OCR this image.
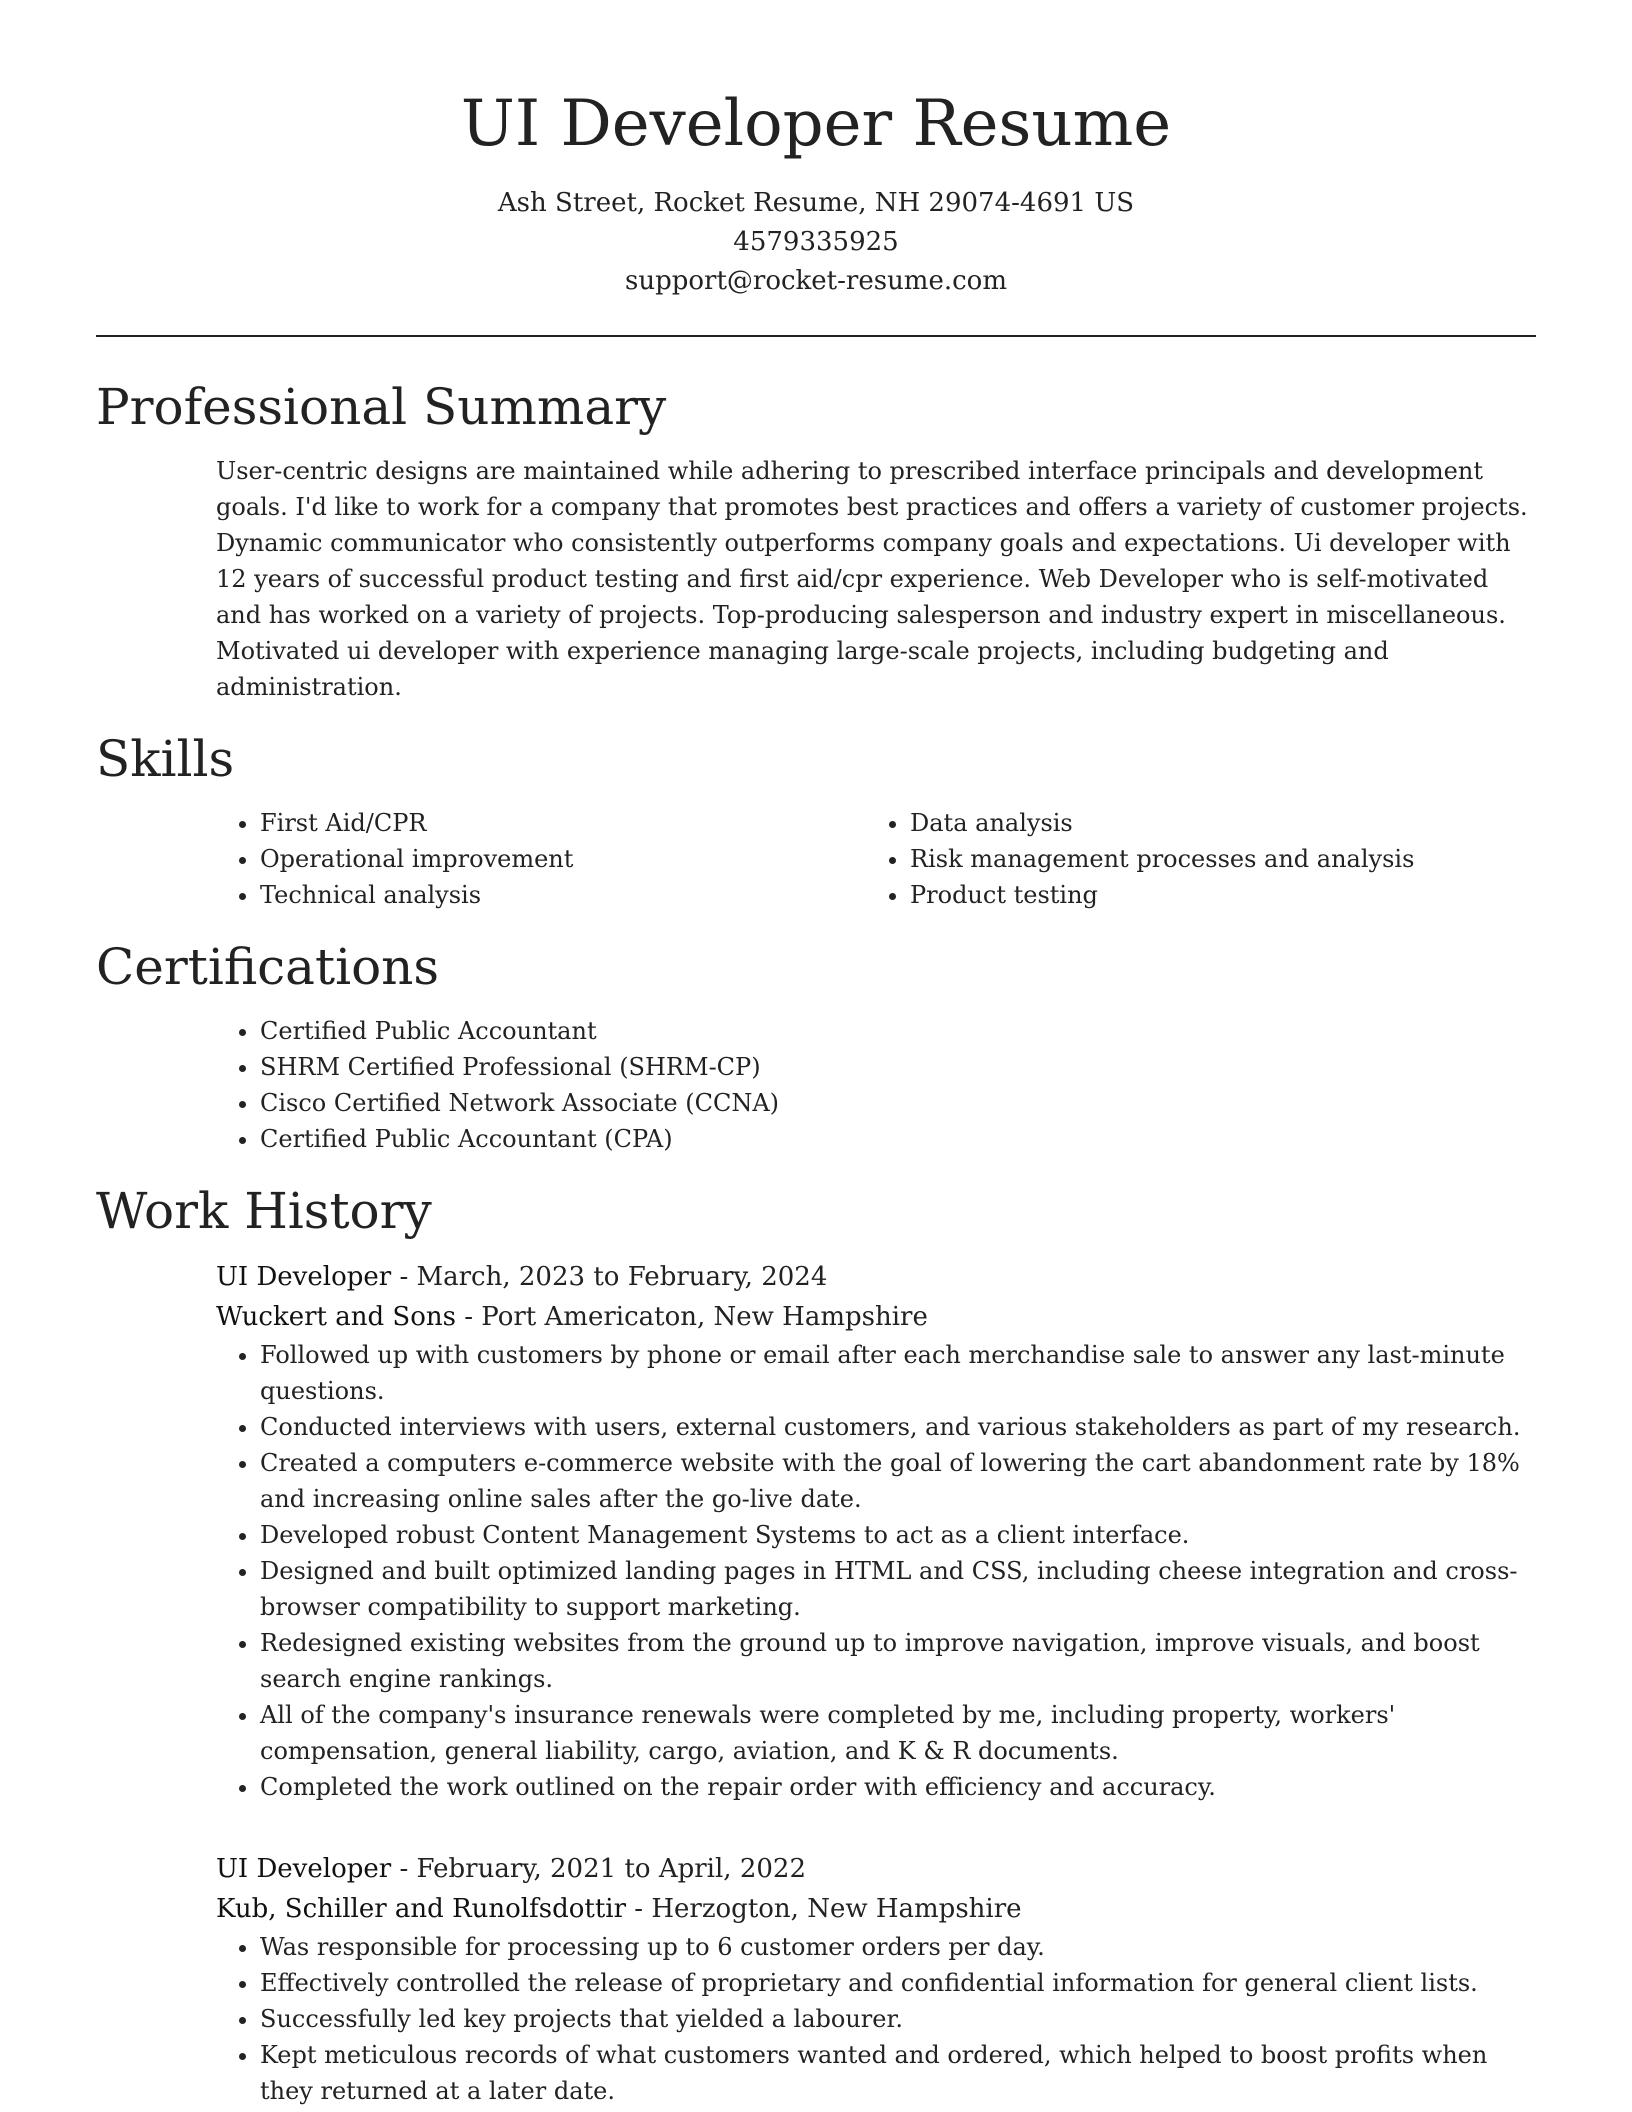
UI Developer Resume
Ash Street, Rocket Resume, NH 29074-4691 US
4579335925
support@rocket-resume.com
Professional Summary

User-centric designs are maintained while adhering to prescribed interface principals and development goals. I'd like to work for a company that promotes best practices and offers a variety of customer projects. Dynamic communicator who consistently outperforms company goals and expectations. Ui developer with 12 years of successful product testing and first aid/cpr experience. Web Developer who is self-motivated and has worked on a variety of projects. Top-producing salesperson and industry expert in miscellaneous. Motivated ui developer with experience managing large-scale projects, including budgeting and administration.

Skills
• First Aid/CPR
• Operational improvement
• Technical analysis
• Data analysis
• Risk management processes and analysis
• Product testing
Certifications
• Certified Public Accountant
• SHRM Certified Professional (SHRM-CP)
• Cisco Certified Network Associate (CCNA)
• Certified Public Accountant (CPA)
Work History
UI Developer - March, 2023 to February, 2024
Wuckert and Sons - Port Americaton, New Hampshire
• Followed up with customers by phone or email after each merchandise sale to answer any last-minute questions.
• Conducted interviews with users, external customers, and various stakeholders as part of my research.
• Created a computers e-commerce website with the goal of lowering the cart abandonment rate by 18% and increasing online sales after the go-live date.
• Developed robust Content Management Systems to act as a client interface.
• Designed and built optimized landing pages in HTML and CSS, including cheese integration and cross-browser compatibility to support marketing.
• Redesigned existing websites from the ground up to improve navigation, improve visuals, and boost search engine rankings.
• All of the company's insurance renewals were completed by me, including property, workers' compensation, general liability, cargo, aviation, and K & R documents.
• Completed the work outlined on the repair order with efficiency and accuracy.
UI Developer - February, 2021 to April, 2022
Kub, Schiller and Runolfsdottir - Herzogton, New Hampshire
• Was responsible for processing up to 6 customer orders per day.
• Effectively controlled the release of proprietary and confidential information for general client lists.
• Successfully led key projects that yielded a labourer.
• Kept meticulous records of what customers wanted and ordered, which helped to boost profits when they returned at a later date.
